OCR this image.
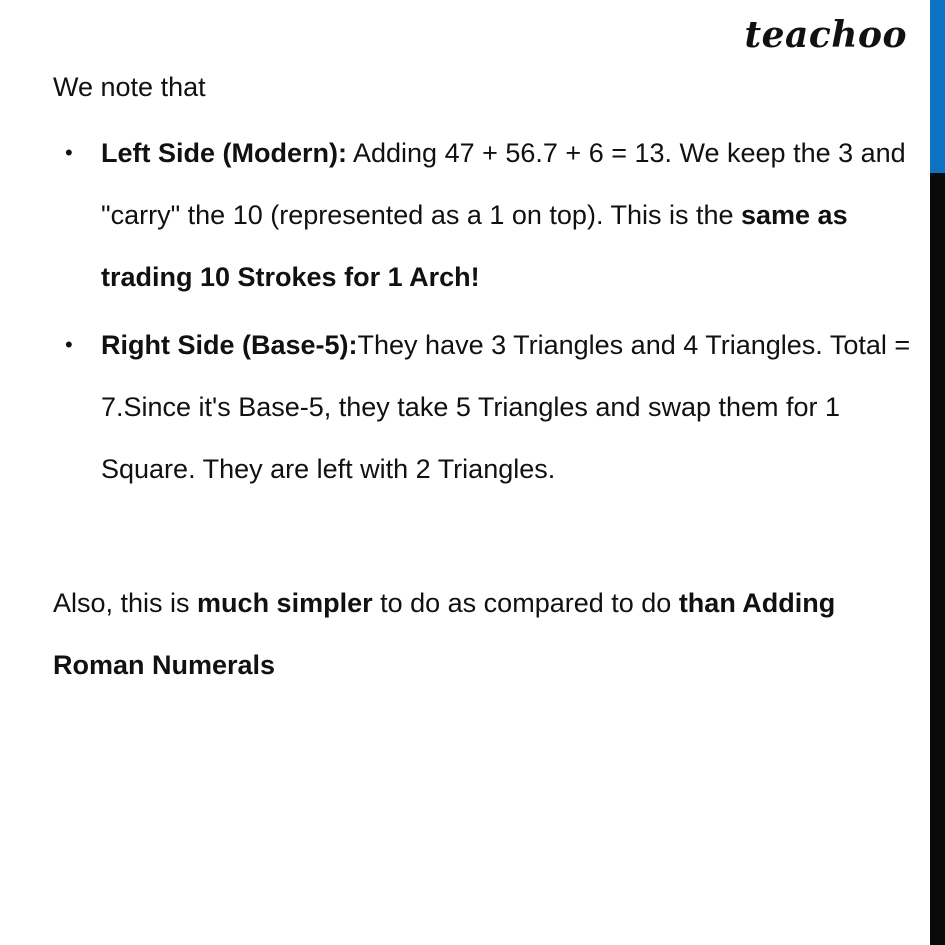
teachoo

We note that

• Left Side (Modern): Adding 47 + 56.7 + 6 = 13. We keep the 3 and "carry" the 10 (represented as a 1 on top). This is the same as trading 10 Strokes for 1 Arch!
• Right Side (Base-5):They have 3 Triangles and 4 Triangles. Total = 7.Since it's Base-5, they take 5 Triangles and swap them for 1 Square. They are left with 2 Triangles.

Also, this is much simpler to do as compared to do than Adding Roman Numerals
